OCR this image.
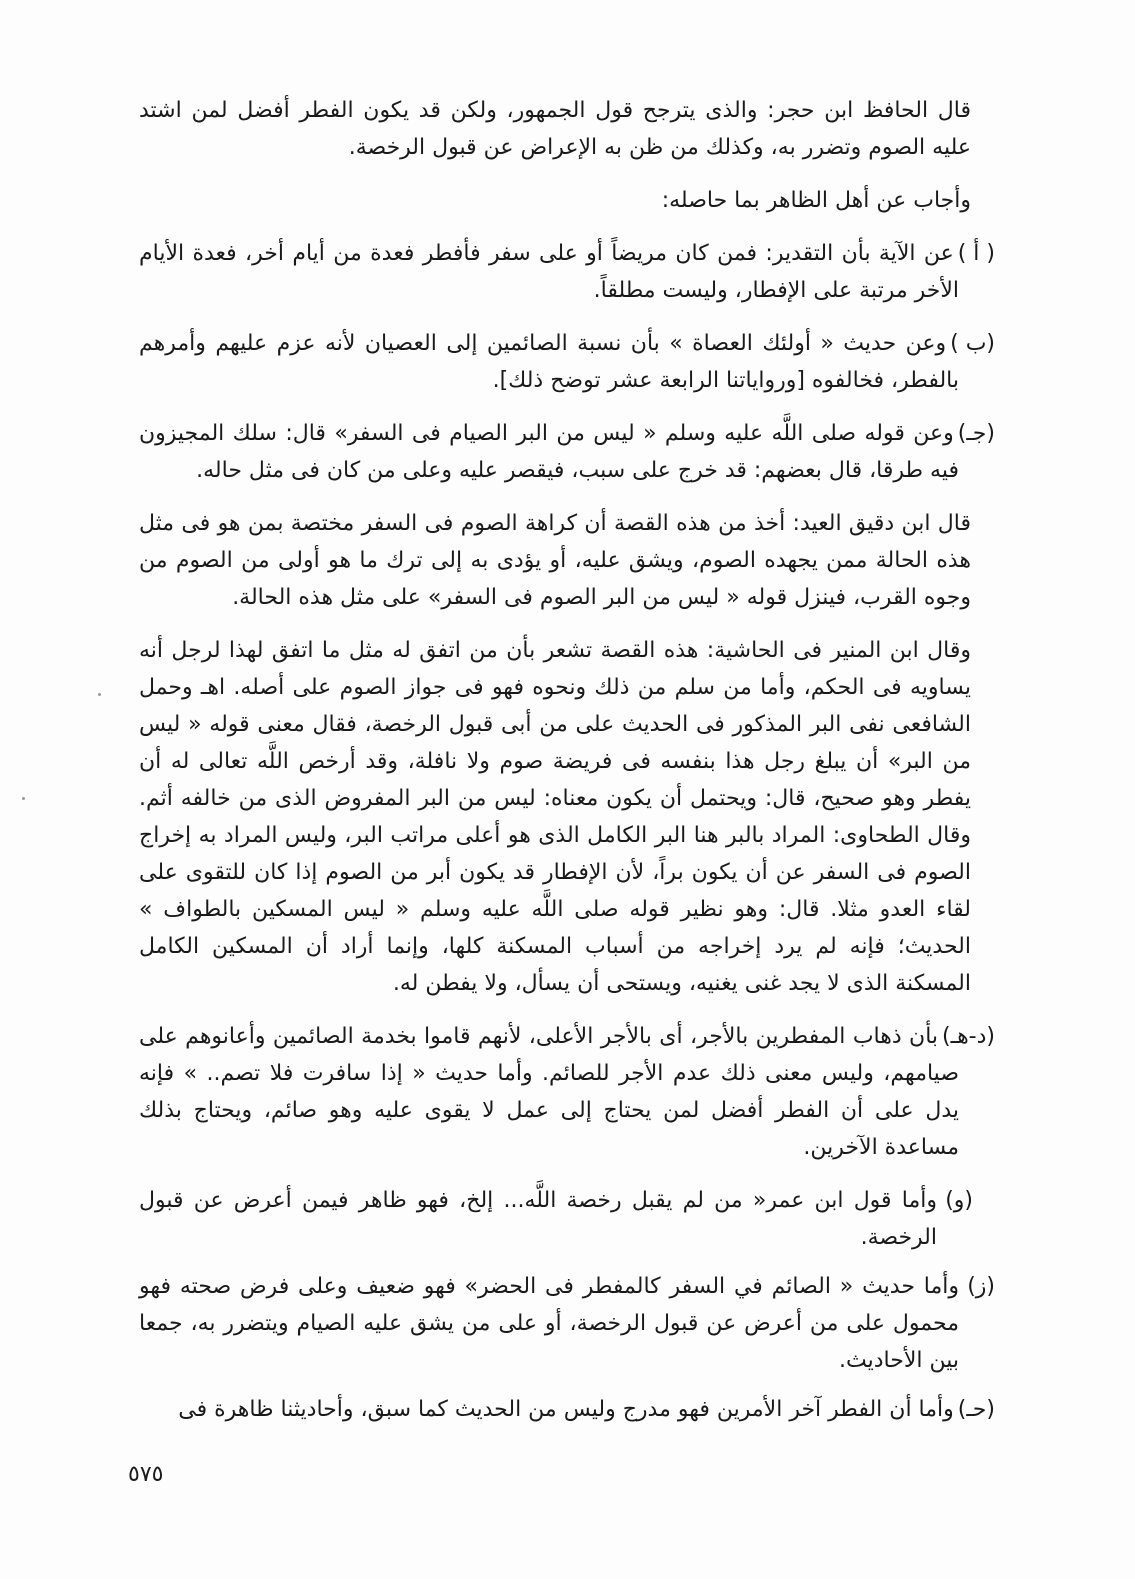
قال الحافظ ابن حجر: والذى يترجح قول الجمهور، ولكن قد يكون الفطر أفضل لمن اشتد عليه الصوم وتضرر به، وكذلك من ظن به الإعراض عن قبول الرخصة.

وأجاب عن أهل الظاهر بما حاصله:

( أ )عن الآية بأن التقدير: فمن كان مريضاً أو على سفر فأفطر فعدة من أيام أخر، فعدة الأيام الأخر مرتبة على الإفطار، وليست مطلقاً.

(ب )وعن حديث « أولئك العصاة » بأن نسبة الصائمين إلى العصيان لأنه عزم عليهم وأمرهم بالفطر، فخالفوه [ورواياتنا الرابعة عشر توضح ذلك].

(جـ)وعن قوله صلى اللَّه عليه وسلم « ليس من البر الصيام فى السفر» قال: سلك المجيزون فيه طرقا، قال بعضهم: قد خرج على سبب، فيقصر عليه وعلى من كان فى مثل حاله.

قال ابن دقيق العيد: أخذ من هذه القصة أن كراهة الصوم فى السفر مختصة بمن هو فى مثل هذه الحالة ممن يجهده الصوم، ويشق عليه، أو يؤدى به إلى ترك ما هو أولى من الصوم من وجوه القرب، فينزل قوله « ليس من البر الصوم فى السفر» على مثل هذه الحالة.

وقال ابن المنير فى الحاشية: هذه القصة تشعر بأن من اتفق له مثل ما اتفق لهذا لرجل أنه يساويه فى الحكم، وأما من سلم من ذلك ونحوه فهو فى جواز الصوم على أصله. اهـ وحمل الشافعى نفى البر المذكور فى الحديث على من أبى قبول الرخصة، فقال معنى قوله « ليس من البر» أن يبلغ رجل هذا بنفسه فى فريضة صوم ولا نافلة، وقد أرخص اللَّه تعالى له أن يفطر وهو صحيح، قال: ويحتمل أن يكون معناه: ليس من البر المفروض الذى من خالفه أثم. وقال الطحاوى: المراد بالبر هنا البر الكامل الذى هو أعلى مراتب البر، وليس المراد به إخراج الصوم فى السفر عن أن يكون براً، لأن الإفطار قد يكون أبر من الصوم إذا كان للتقوى على لقاء العدو مثلا. قال: وهو نظير قوله صلى اللَّه عليه وسلم « ليس المسكين بالطواف » الحديث؛ فإنه لم يرد إخراجه من أسباب المسكنة كلها، وإنما أراد أن المسكين الكامل المسكنة الذى لا يجد غنى يغنيه، ويستحى أن يسأل، ولا يفطن له.

(د-هـ)بأن ذهاب المفطرين بالأجر، أى بالأجر الأعلى، لأنهم قاموا بخدمة الصائمين وأعانوهم على صيامهم، وليس معنى ذلك عدم الأجر للصائم. وأما حديث « إذا سافرت فلا تصم.. » فإنه يدل على أن الفطر أفضل لمن يحتاج إلى عمل لا يقوى عليه وهو صائم، ويحتاج بذلك مساعدة الآخرين.

(و)وأما قول ابن عمر« من لم يقبل رخصة اللَّه... إلخ، فهو ظاهر فيمن أعرض عن قبول الرخصة.

(ز)وأما حديث « الصائم في السفر كالمفطر فى الحضر» فهو ضعيف وعلى فرض صحته فهو محمول على من أعرض عن قبول الرخصة، أو على من يشق عليه الصيام ويتضرر به، جمعا بين الأحاديث.

(حـ)وأما أن الفطر آخر الأمرين فهو مدرج وليس من الحديث كما سبق، وأحاديثنا ظاهرة فى

٥٧٥
